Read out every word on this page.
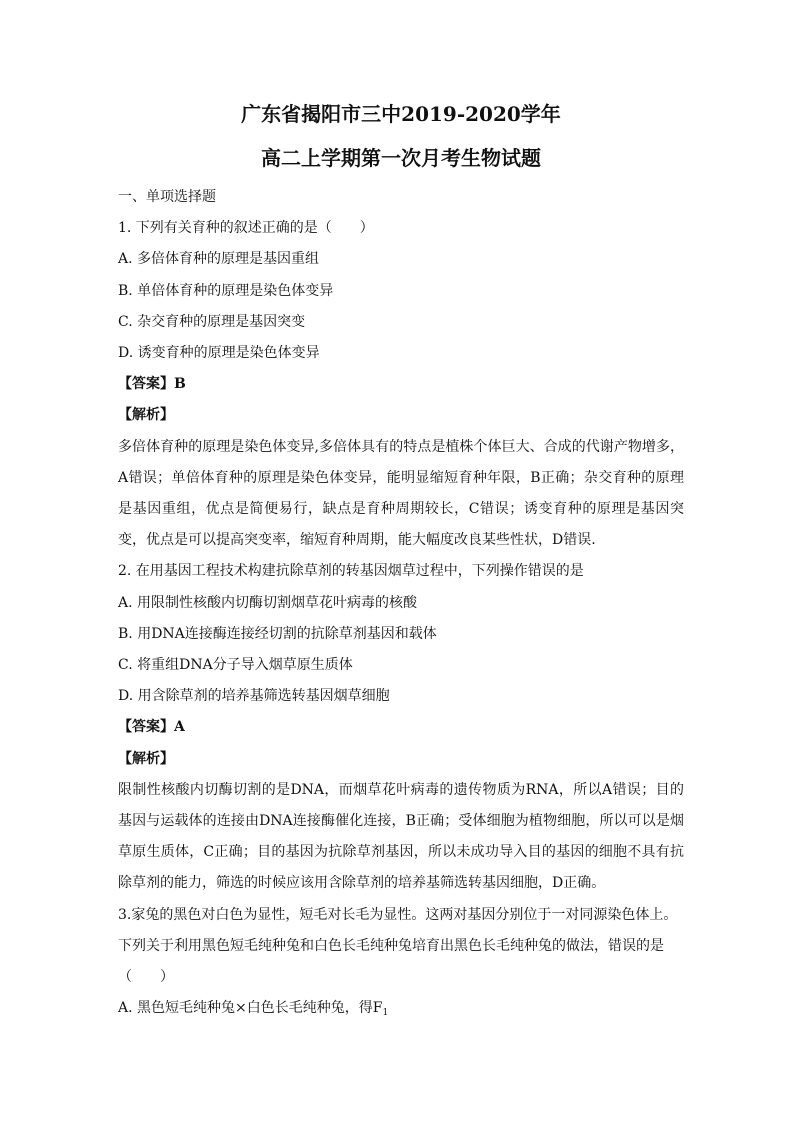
广东省揭阳市三中2019-2020学年

高二上学期第一次月考生物试题

一、单项选择题

1. 下列有关育种的叙述正确的是（　　）

A. 多倍体育种的原理是基因重组

B. 单倍体育种的原理是染色体变异

C. 杂交育种的原理是基因突变

D. 诱变育种的原理是染色体变异

【答案】B

【解析】

多倍体育种的原理是染色体变异,多倍体具有的特点是植株个体巨大、合成的代谢产物增多，A错误；单倍体育种的原理是染色体变异，能明显缩短育种年限，B正确；杂交育种的原理是基因重组，优点是简便易行，缺点是育种周期较长，C错误；诱变育种的原理是基因突变，优点是可以提高突变率，缩短育种周期，能大幅度改良某些性状，D错误.

2. 在用基因工程技术构建抗除草剂的转基因烟草过程中，下列操作错误的是

A. 用限制性核酸内切酶切割烟草花叶病毒的核酸

B. 用DNA连接酶连接经切割的抗除草剂基因和载体

C. 将重组DNA分子导入烟草原生质体

D. 用含除草剂的培养基筛选转基因烟草细胞

【答案】A

【解析】

限制性核酸内切酶切割的是DNA，而烟草花叶病毒的遗传物质为RNA，所以A错误；目的基因与运载体的连接由DNA连接酶催化连接，B正确；受体细胞为植物细胞，所以可以是烟草原生质体，C正确；目的基因为抗除草剂基因，所以未成功导入目的基因的细胞不具有抗除草剂的能力，筛选的时候应该用含除草剂的培养基筛选转基因细胞，D正确。

3.家兔的黑色对白色为显性，短毛对长毛为显性。这两对基因分别位于一对同源染色体上。

下列关于利用黑色短毛纯种兔和白色长毛纯种兔培育出黑色长毛纯种兔的做法，错误的是

（　　）

A. 黑色短毛纯种兔×白色长毛纯种兔，得$F_1$
